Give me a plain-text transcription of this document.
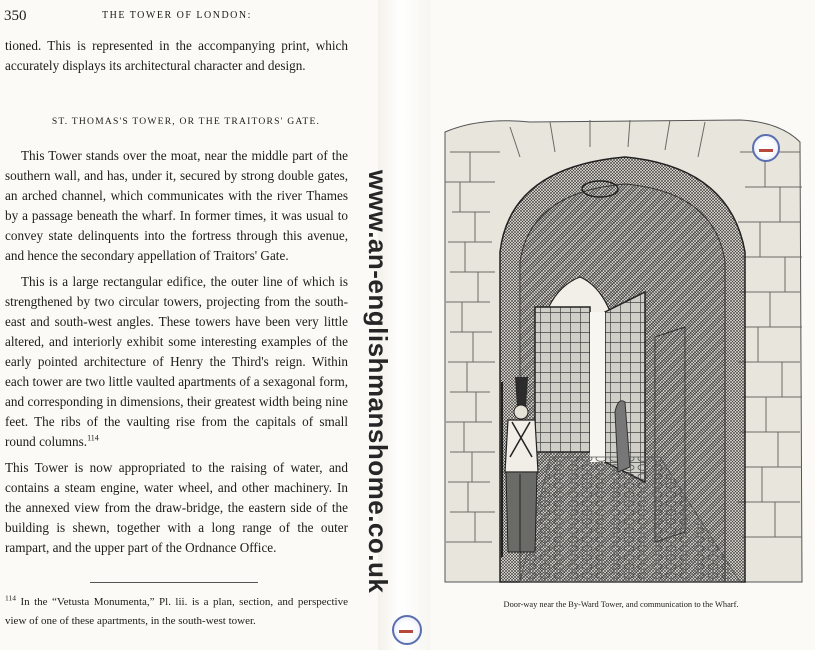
350	THE TOWER OF LONDON:

tioned. This is represented in the accompanying print, which accurately displays its architectural character and design.

ST. THOMAS'S TOWER, OR THE TRAITORS' GATE.

This Tower stands over the moat, near the middle part of the southern wall, and has, under it, secured by strong double gates, an arched channel, which communicates with the river Thames by a passage beneath the wharf. In former times, it was usual to convey state delinquents into the fortress through this avenue, and hence the secondary appellation of Traitors' Gate.

This is a large rectangular edifice, the outer line of which is strengthened by two circular towers, projecting from the south-east and south-west angles. These towers have been very little altered, and interiorly exhibit some interesting examples of the early pointed architecture of Henry the Third's reign. Within each tower are two little vaulted apartments of a sexagonal form, and corresponding in dimensions, their greatest width being nine feet. The ribs of the vaulting rise from the capitals of small round columns.$^{114}$

This Tower is now appropriated to the raising of water, and contains a steam engine, water wheel, and other machinery. In the annexed view from the draw-bridge, the eastern side of the building is shewn, together with a long range of the outer rampart, and the upper part of the Ordnance Office.

$^{114}$ In the “Vetusta Monumenta,” Pl. lii. is a plan, section, and perspective view of one of these apartments, in the south-west tower.

Door-way near the By-Ward Tower, and communication to the Wharf.

www.an-englishmanshome.co.uk
